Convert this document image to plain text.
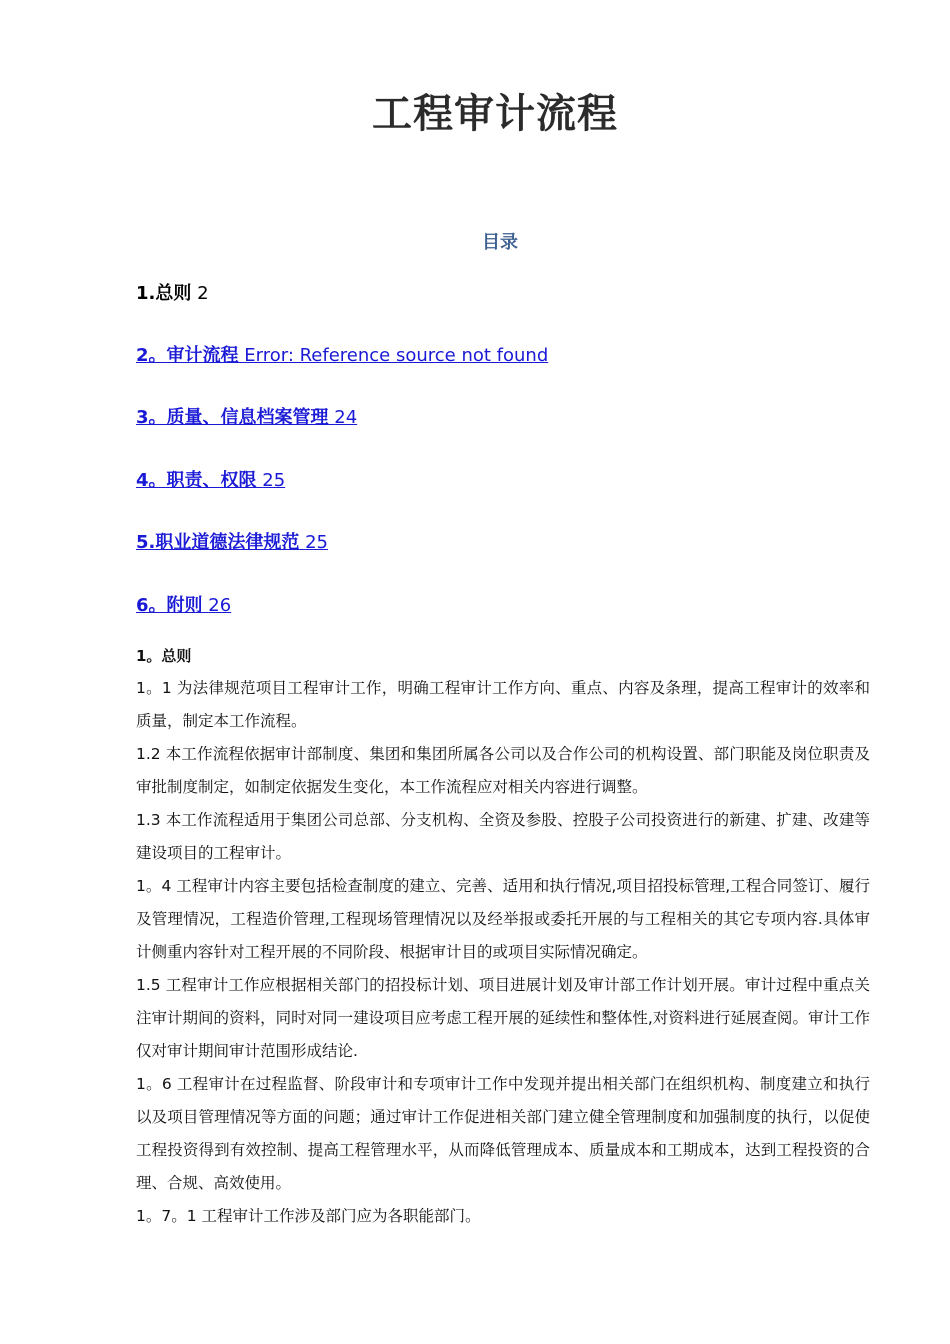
工程审计流程
目录
1.总则 2
2。审计流程 Error: Reference source not found
3。质量、信息档案管理 24
4。职责、权限 25
5.职业道德法律规范 25
6。附则 26
1。总则

1。1 为法律规范项目工程审计工作，明确工程审计工作方向、重点、内容及条理，提高工程审计的效率和质量，制定本工作流程。

1.2 本工作流程依据审计部制度、集团和集团所属各公司以及合作公司的机构设置、部门职能及岗位职责及审批制度制定，如制定依据发生变化，本工作流程应对相关内容进行调整。

1.3 本工作流程适用于集团公司总部、分支机构、全资及参股、控股子公司投资进行的新建、扩建、改建等建设项目的工程审计。

1。4 工程审计内容主要包括检查制度的建立、完善、适用和执行情况,项目招投标管理,工程合同签订、履行及管理情况，工程造价管理,工程现场管理情况以及经举报或委托开展的与工程相关的其它专项内容.具体审计侧重内容针对工程开展的不同阶段、根据审计目的或项目实际情况确定。

1.5 工程审计工作应根据相关部门的招投标计划、项目进展计划及审计部工作计划开展。审计过程中重点关注审计期间的资料，同时对同一建设项目应考虑工程开展的延续性和整体性,对资料进行延展查阅。审计工作仅对审计期间审计范围形成结论.

1。6 工程审计在过程监督、阶段审计和专项审计工作中发现并提出相关部门在组织机构、制度建立和执行以及项目管理情况等方面的问题；通过审计工作促进相关部门建立健全管理制度和加强制度的执行，以促使工程投资得到有效控制、提高工程管理水平，从而降低管理成本、质量成本和工期成本，达到工程投资的合理、合规、高效使用。

1。7。1 工程审计工作涉及部门应为各职能部门。
